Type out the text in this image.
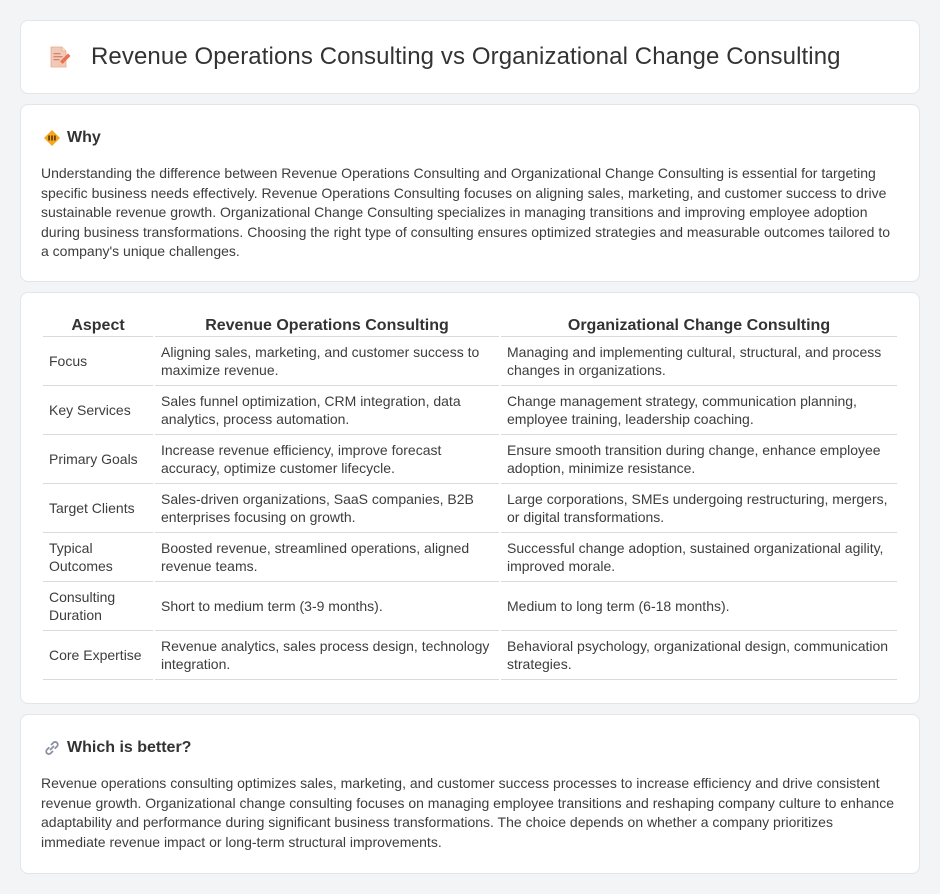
Revenue Operations Consulting vs Organizational Change Consulting
Why

Understanding the difference between Revenue Operations Consulting and Organizational Change Consulting is essential for targeting specific business needs effectively. Revenue Operations Consulting focuses on aligning sales, marketing, and customer success to drive sustainable revenue growth. Organizational Change Consulting specializes in managing transitions and improving employee adoption during business transformations. Choosing the right type of consulting ensures optimized strategies and measurable outcomes tailored to a company's unique challenges.

Aspect	Revenue Operations Consulting	Organizational Change Consulting
Focus	Aligning sales, marketing, and customer success to maximize revenue.	Managing and implementing cultural, structural, and process changes in organizations.
Key Services	Sales funnel optimization, CRM integration, data analytics, process automation.	Change management strategy, communication planning, employee training, leadership coaching.
Primary Goals	Increase revenue efficiency, improve forecast accuracy, optimize customer lifecycle.	Ensure smooth transition during change, enhance employee adoption, minimize resistance.
Target Clients	Sales-driven organizations, SaaS companies, B2B enterprises focusing on growth.	Large corporations, SMEs undergoing restructuring, mergers, or digital transformations.
Typical Outcomes	Boosted revenue, streamlined operations, aligned revenue teams.	Successful change adoption, sustained organizational agility, improved morale.
Consulting Duration	Short to medium term (3-9 months).	Medium to long term (6-18 months).
Core Expertise	Revenue analytics, sales process design, technology integration.	Behavioral psychology, organizational design, communication strategies.
Which is better?

Revenue operations consulting optimizes sales, marketing, and customer success processes to increase efficiency and drive consistent revenue growth. Organizational change consulting focuses on managing employee transitions and reshaping company culture to enhance adaptability and performance during significant business transformations. The choice depends on whether a company prioritizes immediate revenue impact or long-term structural improvements.
